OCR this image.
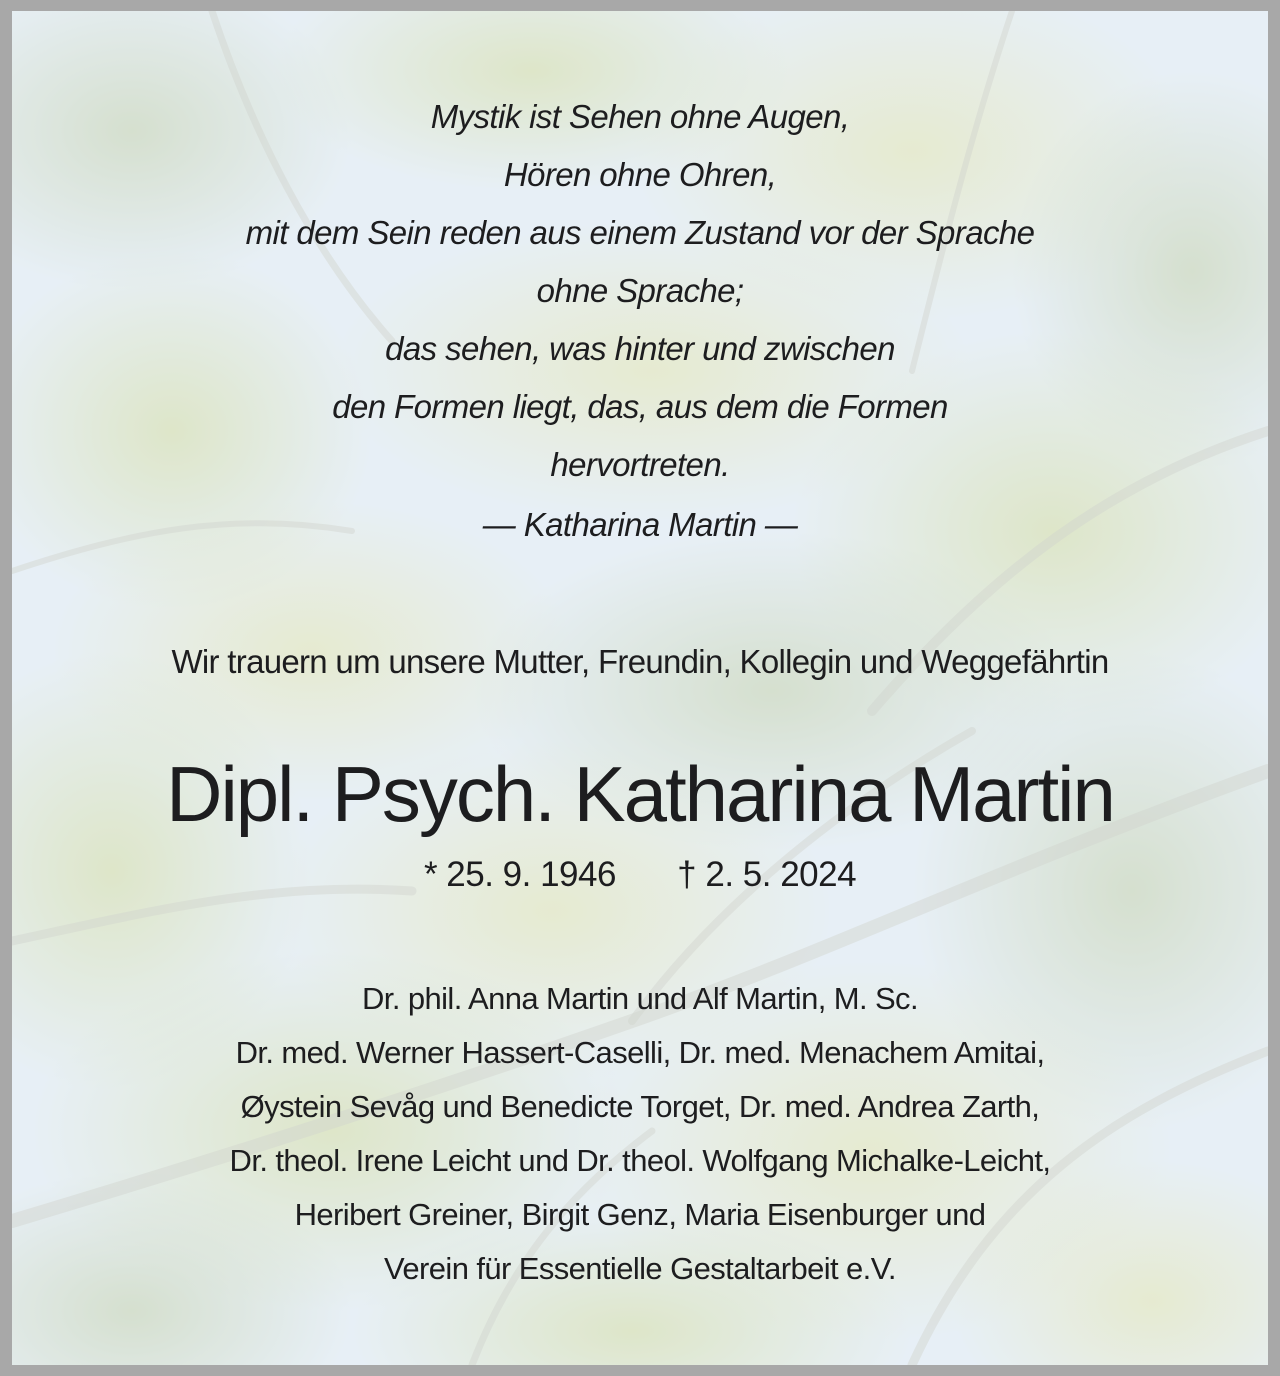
Mystik ist Sehen ohne Augen,
Hören ohne Ohren,
mit dem Sein reden aus einem Zustand vor der Sprache
ohne Sprache;
das sehen, was hinter und zwischen
den Formen liegt, das, aus dem die Formen
hervortreten.
— Katharina Martin —
Wir trauern um unsere Mutter, Freundin, Kollegin und Weggefährtin
Dipl. Psych. Katharina Martin
* 25. 9. 1946 † 2. 5. 2024
Dr. phil. Anna Martin und Alf Martin, M. Sc.
Dr. med. Werner Hassert-Caselli, Dr. med. Menachem Amitai,
Øystein Sevåg und Benedicte Torget, Dr. med. Andrea Zarth,
Dr. theol. Irene Leicht und Dr. theol. Wolfgang Michalke-Leicht,
Heribert Greiner, Birgit Genz, Maria Eisenburger und
Verein für Essentielle Gestaltarbeit e.V.
